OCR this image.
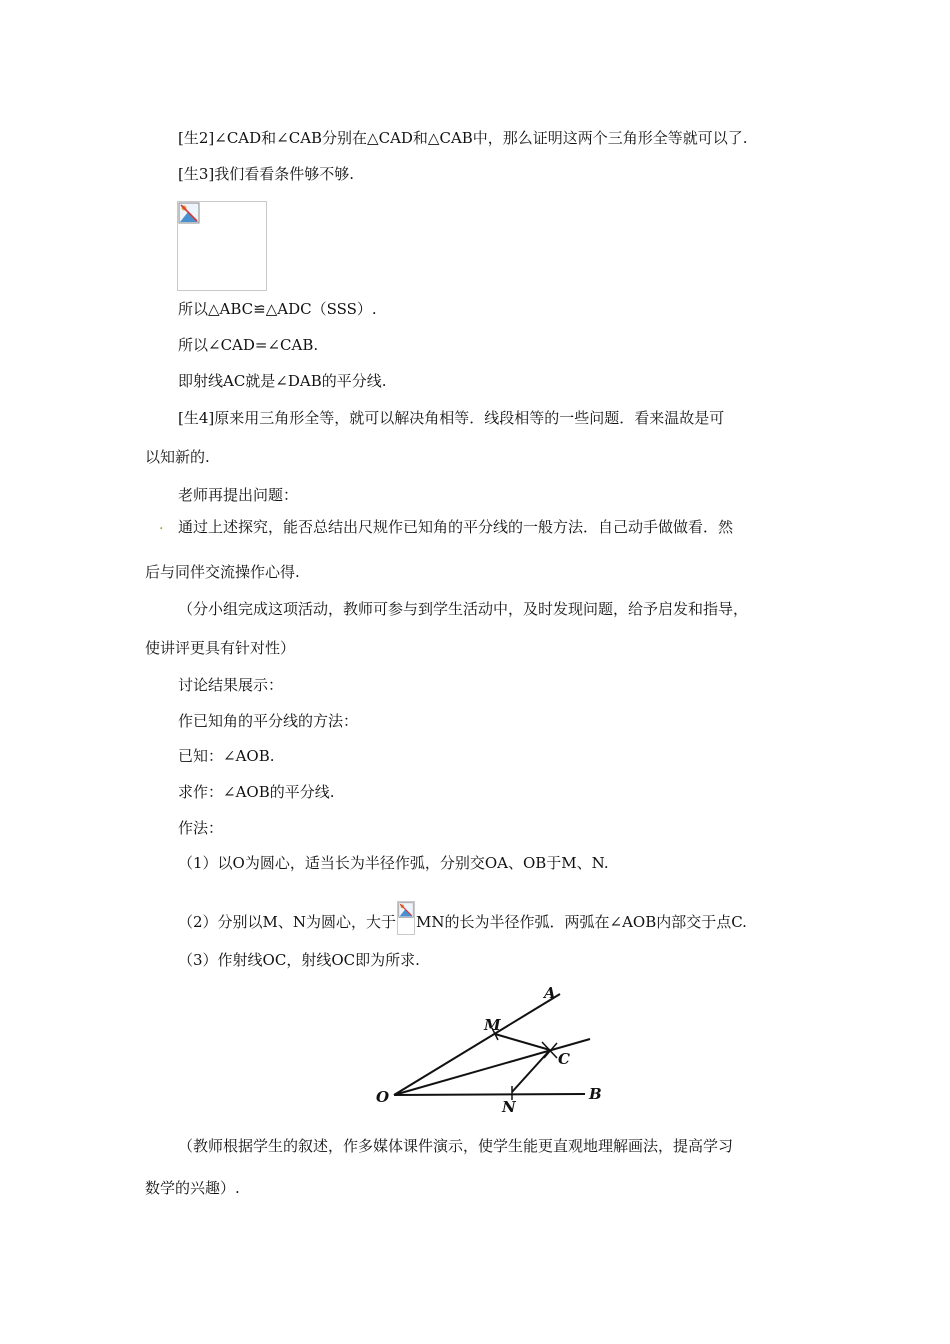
[生2]∠CAD和∠CAB分别在△CAD和△CAB中，那么证明这两个三角形全等就可以了.
[生3]我们看看条件够不够.
所以△ABC≌△ADC（SSS）.
所以∠CAD=∠CAB.
即射线AC就是∠DAB的平分线.
[生4]原来用三角形全等，就可以解决角相等．线段相等的一些问题．看来温故是可
以知新的.
老师再提出问题：
. 通过上述探究，能否总结出尺规作已知角的平分线的一般方法．自己动手做做看．然
后与同伴交流操作心得.
（分小组完成这项活动，教师可参与到学生活动中，及时发现问题，给予启发和指导，
使讲评更具有针对性）
讨论结果展示：
作已知角的平分线的方法：
已知：∠AOB.
求作：∠AOB的平分线.
作法：
（1）以O为圆心，适当长为半径作弧，分别交OA、OB于M、N.
（2）分别以M、N为圆心，大于 MN的长为半径作弧．两弧在∠AOB内部交于点C.
（3）作射线OC，射线OC即为所求.
A
M
C
O
N
B
（教师根据学生的叙述，作多媒体课件演示，使学生能更直观地理解画法，提高学习
数学的兴趣）.
